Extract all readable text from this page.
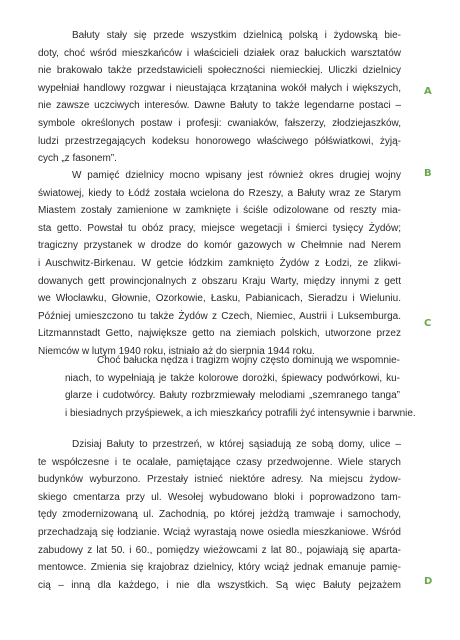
Bałuty stały się przede wszystkim dzielnicą polską i żydowską bie-
doty, choć wśród mieszkańców i właścicieli działek oraz bałuckich warsztatów
nie brakowało także przedstawicieli społeczności niemieckiej. Uliczki dzielnicy
wypełniał handlowy rozgwar i nieustająca krzątanina wokół małych i większych,
nie zawsze uczciwych interesów. Dawne Bałuty to także legendarne postaci –
symbole określonych postaw i profesji: cwaniaków, fałszerzy, złodziejaszków,
ludzi przestrzegających kodeksu honorowego właściwego półświatkowi, żyją-
cych „z fasonem”.
W pamięć dzielnicy mocno wpisany jest również okres drugiej wojny
światowej, kiedy to Łódź została wcielona do Rzeszy, a Bałuty wraz ze Starym
Miastem zostały zamienione w zamknięte i ściśle odizolowane od reszty mia-
sta getto. Powstał tu obóz pracy, miejsce wegetacji i śmierci tysięcy Żydów;
tragiczny przystanek w drodze do komór gazowych w Chełmnie nad Nerem
i Auschwitz-Birkenau. W getcie łódzkim zamknięto Żydów z Łodzi, ze zlikwi-
dowanych gett prowincjonalnych z obszaru Kraju Warty, między innymi z gett
we Włocławku, Głownie, Ozorkowie, Łasku, Pabianicach, Sieradzu i Wieluniu.
Później umieszczono tu także Żydów z Czech, Niemiec, Austrii i Luksemburga.
Litzmannstadt Getto, największe getto na ziemiach polskich, utworzone przez
Niemców w lutym 1940 roku, istniało aż do sierpnia 1944 roku.
Choć bałucka nędza i tragizm wojny często dominują we wspomnie-
niach, to wypełniają je także kolorowe dorożki, śpiewacy podwórkowi, ku-
glarze i cudotwórcy. Bałuty rozbrzmiewały melodiami „szemranego tanga”
i biesiadnych przyśpiewek, a ich mieszkańcy potrafili żyć intensywnie i barwnie.
Dzisiaj Bałuty to przestrzeń, w której sąsiadują ze sobą domy, ulice –
te współczesne i te ocalałe, pamiętające czasy przedwojenne. Wiele starych
budynków wyburzono. Przestały istnieć niektóre adresy. Na miejscu żydow-
skiego cmentarza przy ul. Wesołej wybudowano bloki i poprowadzono tam-
tędy zmodernizowaną ul. Zachodnią, po której jeżdżą tramwaje i samochody,
przechadzają się łodzianie. Wciąż wyrastają nowe osiedla mieszkaniowe. Wśród
zabudowy z lat 50. i 60., pomiędzy wieżowcami z lat 80., pojawiają się aparta-
mentowce. Zmienia się krajobraz dzielnicy, który wciąż jednak emanuje pamię-
cią – inną dla każdego, i nie dla wszystkich. Są więc Bałuty pejzażem
A
B
C
D
